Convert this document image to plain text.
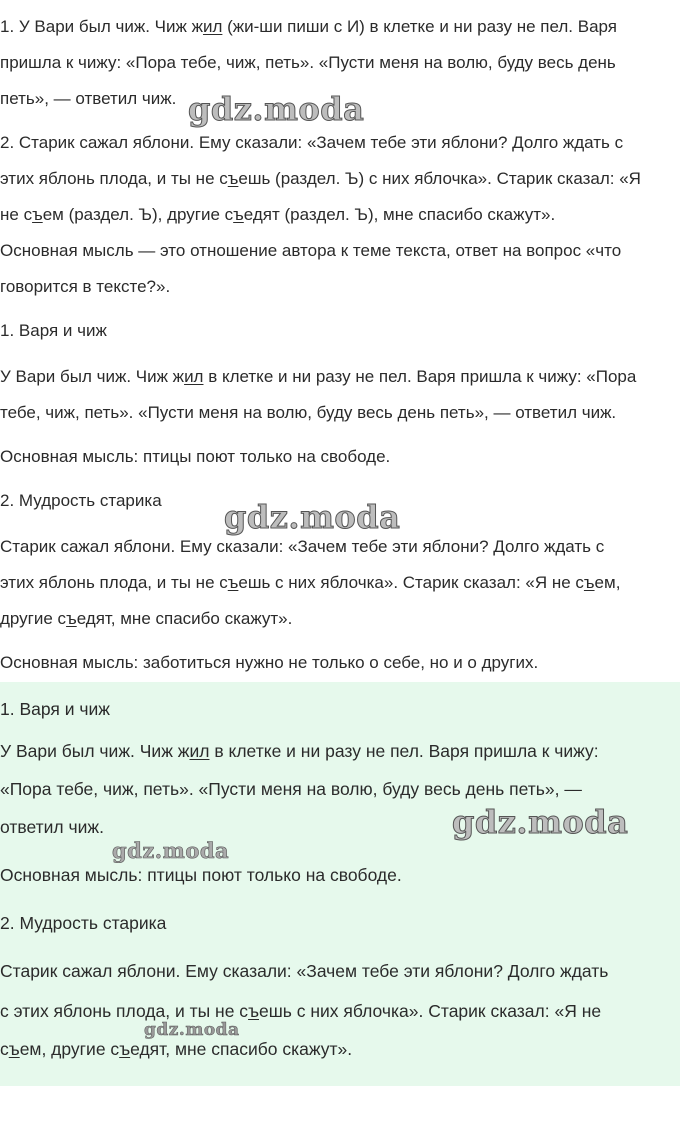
1. У Вари был чиж. Чиж жил (жи-ши пиши с И) в клетке и ни разу не пел. Варя
пришла к чижу: «Пора тебе, чиж, петь». «Пусти меня на волю, буду весь день
петь», — ответил чиж.
2. Старик сажал яблони. Ему сказали: «Зачем тебе эти яблони? Долго ждать с
этих яблонь плода, и ты не съешь (раздел. Ъ) с них яблочка». Старик сказал: «Я
не съем (раздел. Ъ), другие съедят (раздел. Ъ), мне спасибо скажут».
Основная мысль — это отношение автора к теме текста, ответ на вопрос «что
говорится в тексте?».
1. Варя и чиж
У Вари был чиж. Чиж жил в клетке и ни разу не пел. Варя пришла к чижу: «Пора
тебе, чиж, петь». «Пусти меня на волю, буду весь день петь», — ответил чиж.
Основная мысль: птицы поют только на свободе.
2. Мудрость старика
Старик сажал яблони. Ему сказали: «Зачем тебе эти яблони? Долго ждать с
этих яблонь плода, и ты не съешь с них яблочка». Старик сказал: «Я не съем,
другие съедят, мне спасибо скажут».
Основная мысль: заботиться нужно не только о себе, но и о других.
1. Варя и чиж
У Вари был чиж. Чиж жил в клетке и ни разу не пел. Варя пришла к чижу:
«Пора тебе, чиж, петь». «Пусти меня на волю, буду весь день петь», —
ответил чиж.
Основная мысль: птицы поют только на свободе.
2. Мудрость старика
Старик сажал яблони. Ему сказали: «Зачем тебе эти яблони? Долго ждать
с этих яблонь плода, и ты не съешь с них яблочка». Старик сказал: «Я не
съем, другие съедят, мне спасибо скажут».
gdz.moda
gdz.moda
gdz.moda
gdz.moda
gdz.moda
